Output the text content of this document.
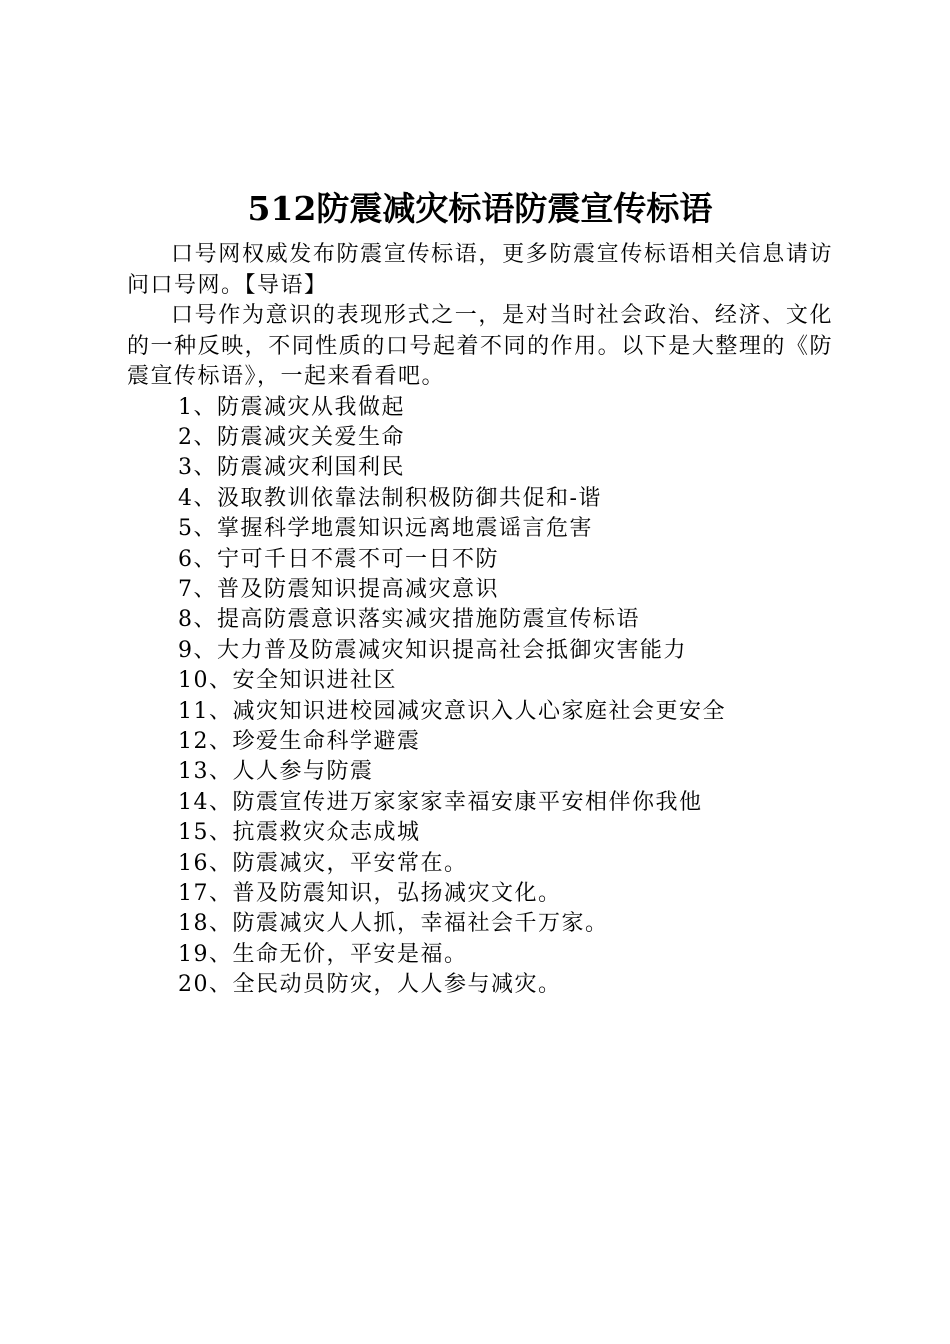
512防震减灾标语防震宣传标语

口号网权威发布防震宣传标语，更多防震宣传标语相关信息请访问口号网。【导语】

口号作为意识的表现形式之一，是对当时社会政治、经济、文化的一种反映，不同性质的口号起着不同的作用。以下是大整理的《防震宣传标语》，一起来看看吧。

1、防震减灾从我做起
2、防震减灾关爱生命
3、防震减灾利国利民
4、汲取教训依靠法制积极防御共促和-谐
5、掌握科学地震知识远离地震谣言危害
6、宁可千日不震不可一日不防
7、普及防震知识提高减灾意识
8、提高防震意识落实减灾措施防震宣传标语
9、大力普及防震减灾知识提高社会抵御灾害能力
10、安全知识进社区
11、减灾知识进校园减灾意识入人心家庭社会更安全
12、珍爱生命科学避震
13、人人参与防震
14、防震宣传进万家家家幸福安康平安相伴你我他
15、抗震救灾众志成城
16、防震减灾，平安常在。
17、普及防震知识，弘扬减灾文化。
18、防震减灾人人抓，幸福社会千万家。
19、生命无价，平安是福。
20、全民动员防灾，人人参与减灾。
